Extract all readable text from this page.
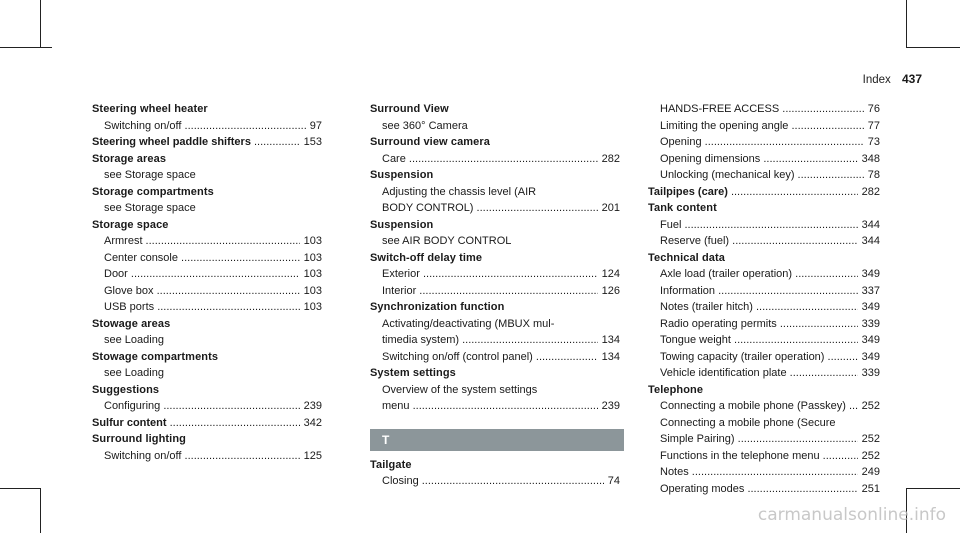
Index 437
Steering wheel heater
Switching on/off .....	97
Steering wheel paddle shifters .....	153
Storage areas
see Storage space
Storage compartments
see Storage space
Storage space
Armrest .....	103
Center console .....	103
Door .....	103
Glove box .....	103
USB ports .....	103
Stowage areas
see Loading
Stowage compartments
see Loading
Suggestions
Configuring .....	239
Sulfur content .....	342
Surround lighting
Switching on/off .....	125
Surround View
see 360° Camera
Surround view camera
Care .....	282
Suspension
Adjusting the chassis level (AIR
BODY CONTROL) .....	201
Suspension
see AIR BODY CONTROL
Switch-off delay time
Exterior .....	124
Interior .....	126
Synchronization function
Activating/deactivating (MBUX mul-
timedia system) .....	134
Switching on/off (control panel) .....	134
System settings
Overview of the system settings
menu .....	239
T
Tailgate
Closing .....	74
HANDS-FREE ACCESS .....	76
Limiting the opening angle .....	77
Opening .....	73
Opening dimensions .....	348
Unlocking (mechanical key) .....	78
Tailpipes (care) .....	282
Tank content
Fuel .....	344
Reserve (fuel) .....	344
Technical data
Axle load (trailer operation) .....	349
Information .....	337
Notes (trailer hitch) .....	349
Radio operating permits .....	339
Tongue weight .....	349
Towing capacity (trailer operation) .....	349
Vehicle identification plate .....	339
Telephone
Connecting a mobile phone (Passkey) .....	252
Connecting a mobile phone (Secure
Simple Pairing) .....	252
Functions in the telephone menu .....	252
Notes .....	249
Operating modes .....	251
carmanualsonline.info
